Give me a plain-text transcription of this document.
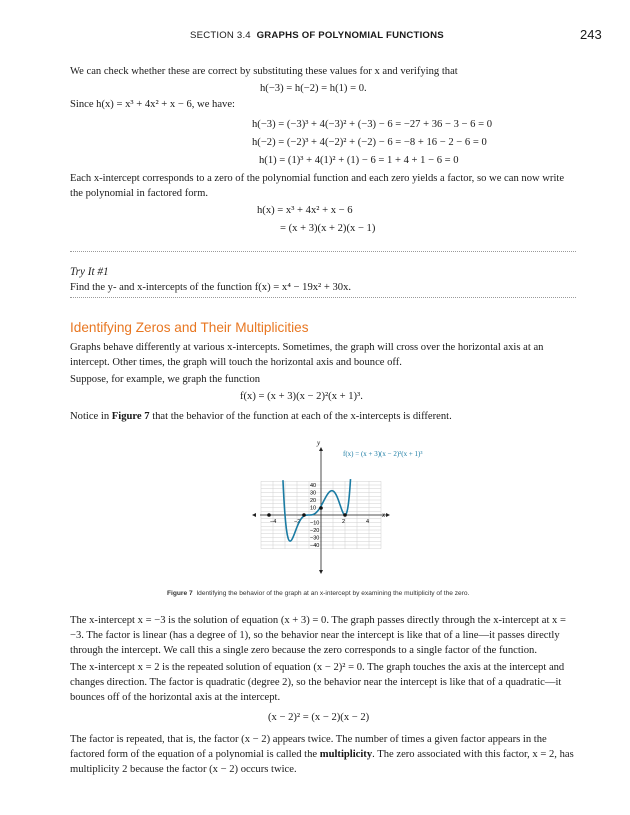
SECTION 3.4 GRAPHS OF POLYNOMIAL FUNCTIONS	243
We can check whether these are correct by substituting these values for x and verifying that
h(−3) = h(−2) = h(1) = 0.
Since h(x) = x³ + 4x² + x − 6, we have:
h(−3) = (−3)³ + 4(−3)² + (−3) − 6 = −27 + 36 − 3 − 6 = 0
h(−2) = (−2)³ + 4(−2)² + (−2) − 6 = −8 + 16 − 2 − 6 = 0
h(1) = (1)³ + 4(1)² + (1) − 6 = 1 + 4 + 1 − 6 = 0
Each x-intercept corresponds to a zero of the polynomial function and each zero yields a factor, so we can now write the polynomial in factored form.
h(x) = x³ + 4x² + x − 6
= (x + 3)(x + 2)(x − 1)
Try It #1
Find the y- and x-intercepts of the function f(x) = x⁴ − 19x² + 30x.
Identifying Zeros and Their Multiplicities
Graphs behave differently at various x-intercepts. Sometimes, the graph will cross over the horizontal axis at an intercept. Other times, the graph will touch the horizontal axis and bounce off.
Suppose, for example, we graph the function
f(x) = (x + 3)(x − 2)²(x + 1)³.
Notice in Figure 7 that the behavior of the function at each of the x-intercepts is different.
x
y
−4	−2	2	4
40
30
20
10
−10
−20
−30
−40
f(x) = (x + 3)(x − 2)²(x + 1)³
Figure 7 Identifying the behavior of the graph at an x-intercept by examining the multiplicity of the zero.
The x-intercept x = −3 is the solution of equation (x + 3) = 0. The graph passes directly through the x-intercept at x = −3. The factor is linear (has a degree of 1), so the behavior near the intercept is like that of a line—it passes directly through the intercept. We call this a single zero because the zero corresponds to a single factor of the function.
The x-intercept x = 2 is the repeated solution of equation (x − 2)² = 0. The graph touches the axis at the intercept and changes direction. The factor is quadratic (degree 2), so the behavior near the intercept is like that of a quadratic—it bounces off of the horizontal axis at the intercept.
(x − 2)² = (x − 2)(x − 2)
The factor is repeated, that is, the factor (x − 2) appears twice. The number of times a given factor appears in the factored form of the equation of a polynomial is called the multiplicity. The zero associated with this factor, x = 2, has multiplicity 2 because the factor (x − 2) occurs twice.
